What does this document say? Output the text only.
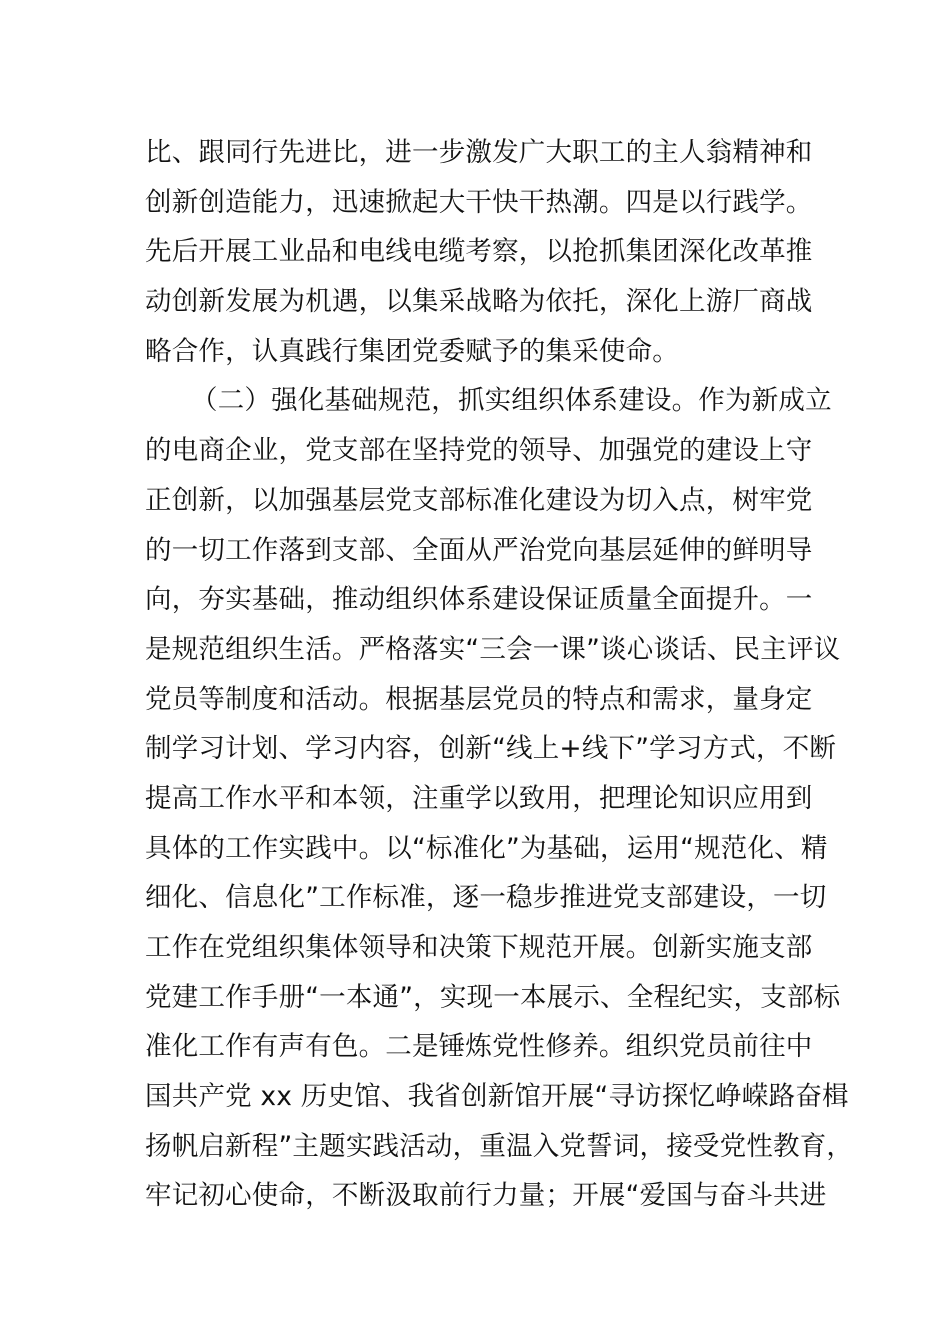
比、跟同行先进比，进一步激发广大职工的主人翁精神和
创新创造能力，迅速掀起大干快干热潮。四是以行践学。
先后开展工业品和电线电缆考察，以抢抓集团深化改革推
动创新发展为机遇，以集采战略为依托，深化上游厂商战
略合作，认真践行集团党委赋予的集采使命。
（二）强化基础规范，抓实组织体系建设。作为新成立
的电商企业，党支部在坚持党的领导、加强党的建设上守
正创新，以加强基层党支部标准化建设为切入点，树牢党
的一切工作落到支部、全面从严治党向基层延伸的鲜明导
向，夯实基础，推动组织体系建设保证质量全面提升。一
是规范组织生活。严格落实“三会一课”谈心谈话、民主评议
党员等制度和活动。根据基层党员的特点和需求，量身定
制学习计划、学习内容，创新“线上+线下”学习方式，不断
提高工作水平和本领，注重学以致用，把理论知识应用到
具体的工作实践中。以“标准化”为基础，运用“规范化、精
细化、信息化”工作标准，逐一稳步推进党支部建设，一切
工作在党组织集体领导和决策下规范开展。创新实施支部
党建工作手册“一本通”，实现一本展示、全程纪实，支部标
准化工作有声有色。二是锤炼党性修养。组织党员前往中
国共产党 xx 历史馆、我省创新馆开展“寻访探忆峥嵘路奋楫
扬帆启新程”主题实践活动，重温入党誓词，接受党性教育，
牢记初心使命，不断汲取前行力量；开展“爱国与奋斗共进
